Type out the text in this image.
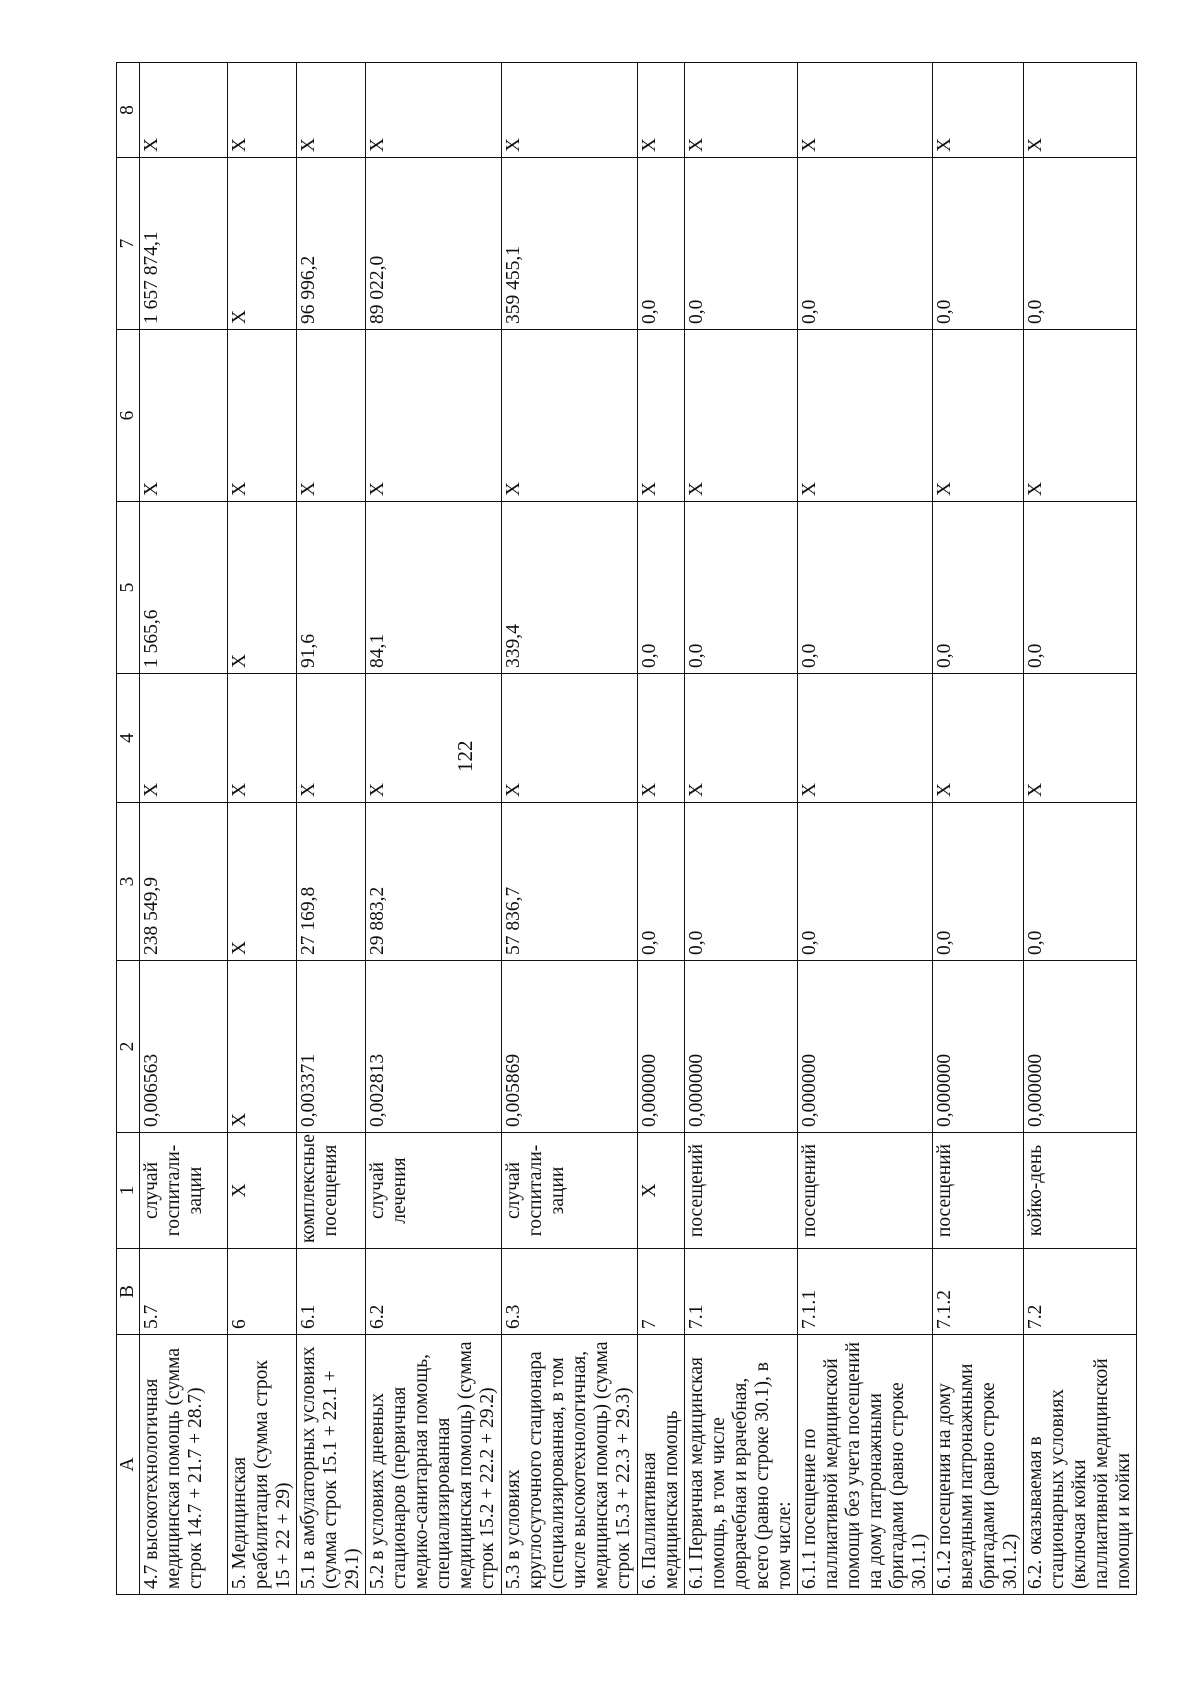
122
А	В	1	2	3	4	5	6	7	8
4.7 высокотехнологичная медицинская помощь (сумма строк 14.7 + 21.7 + 28.7)	5.7	случай госпитали-зации	0,006563	238 549,9	Х	1 565,6	Х	1 657 874,1	Х
5. Медицинская реабилитация (сумма строк 15 + 22 + 29)	6	Х	Х	Х	Х	Х	Х	Х	Х
5.1 в амбулаторных условиях (сумма строк 15.1 + 22.1 + 29.1)	6.1	комплексные посещения	0,003371	27 169,8	Х	91,6	Х	96 996,2	Х
5.2 в условиях дневных стационаров (первичная медико-санитарная помощь, специализированная медицинская помощь) (сумма строк 15.2 + 22.2 + 29.2)	6.2	случай лечения	0,002813	29 883,2	Х	84,1	Х	89 022,0	Х
5.3 в условиях круглосуточного стационара (специализированная, в том числе высокотехнологичная, медицинская помощь) (сумма строк 15.3 + 22.3 + 29.3)	6.3	случай госпитали-зации	0,005869	57 836,7	Х	339,4	Х	359 455,1	Х
6. Паллиативная медицинская помощь	7	Х	0,000000	0,0	Х	0,0	Х	0,0	Х
6.1 Первичная медицинская помощь, в том числе доврачебная и врачебная, всего (равно строке 30.1), в том числе:	7.1	посещений	0,000000	0,0	Х	0,0	Х	0,0	Х
6.1.1 посещение по паллиативной медицинской помощи без учета посещений на дому патронажными бригадами (равно строке 30.1.1)	7.1.1	посещений	0,000000	0,0	Х	0,0	Х	0,0	Х
6.1.2 посещения на дому выездными патронажными бригадами (равно строке 30.1.2)	7.1.2	посещений	0,000000	0,0	Х	0,0	Х	0,0	Х
6.2. оказываемая в стационарных условиях (включая койки паллиативной медицинской помощи и койки	7.2	койко-день	0,000000	0,0	Х	0,0	Х	0,0	Х
